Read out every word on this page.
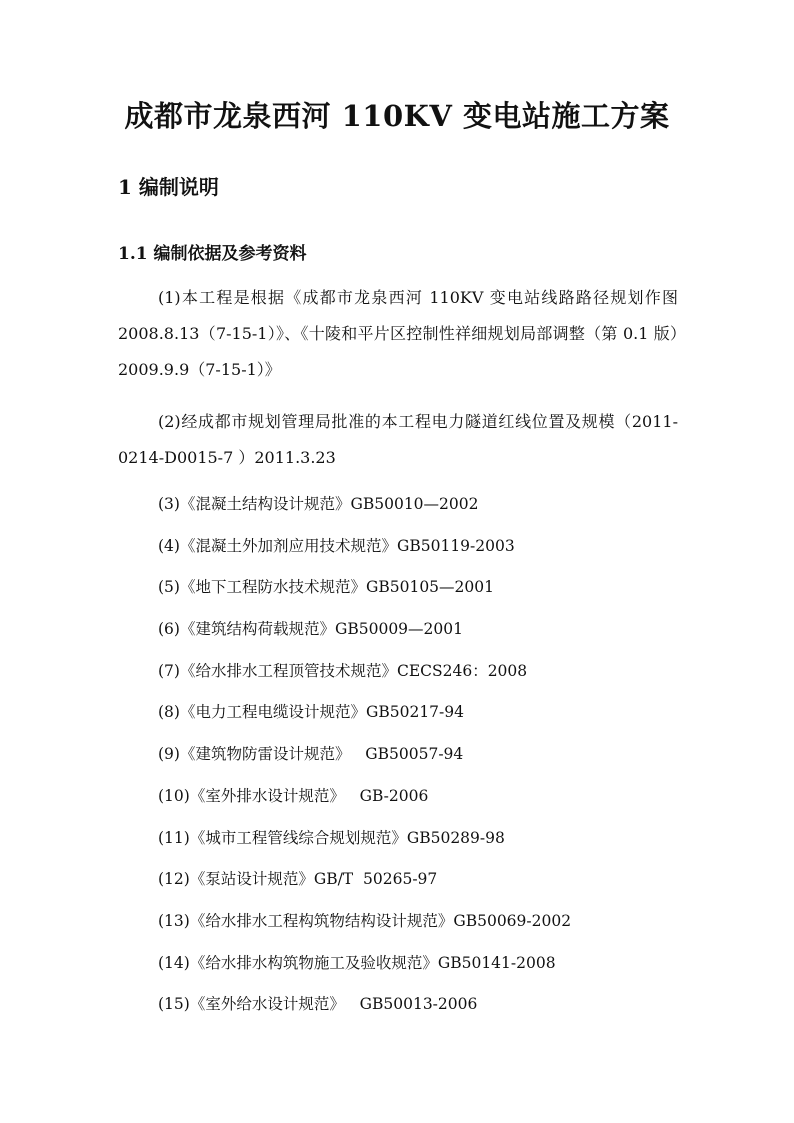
成都市龙泉西河 110KV 变电站施工方案
1 编制说明
1.1 编制依据及参考资料

(1)本工程是根据《成都市龙泉西河 110KV 变电站线路路径规划作图 2008.8.13（7-15-1）》、《十陵和平片区控制性祥细规划局部调整（第 0.1 版）2009.9.9（7-15-1）》

(2)经成都市规划管理局批准的本工程电力隧道红线位置及规模（2011-0214-D0015-7 ）2011.3.23

(3)《混凝土结构设计规范》GB50010—2002
(4)《混凝土外加剂应用技术规范》GB50119-2003
(5)《地下工程防水技术规范》GB50105—2001
(6)《建筑结构荷载规范》GB50009—2001
(7)《给水排水工程顶管技术规范》CECS246：2008
(8)《电力工程电缆设计规范》GB50217-94
(9)《建筑物防雷设计规范》   GB50057-94
(10)《室外排水设计规范》   GB-2006
(11)《城市工程管线综合规划规范》GB50289-98
(12)《泵站设计规范》GB/T  50265-97
(13)《给水排水工程构筑物结构设计规范》GB50069-2002
(14)《给水排水构筑物施工及验收规范》GB50141-2008
(15)《室外给水设计规范》   GB50013-2006
